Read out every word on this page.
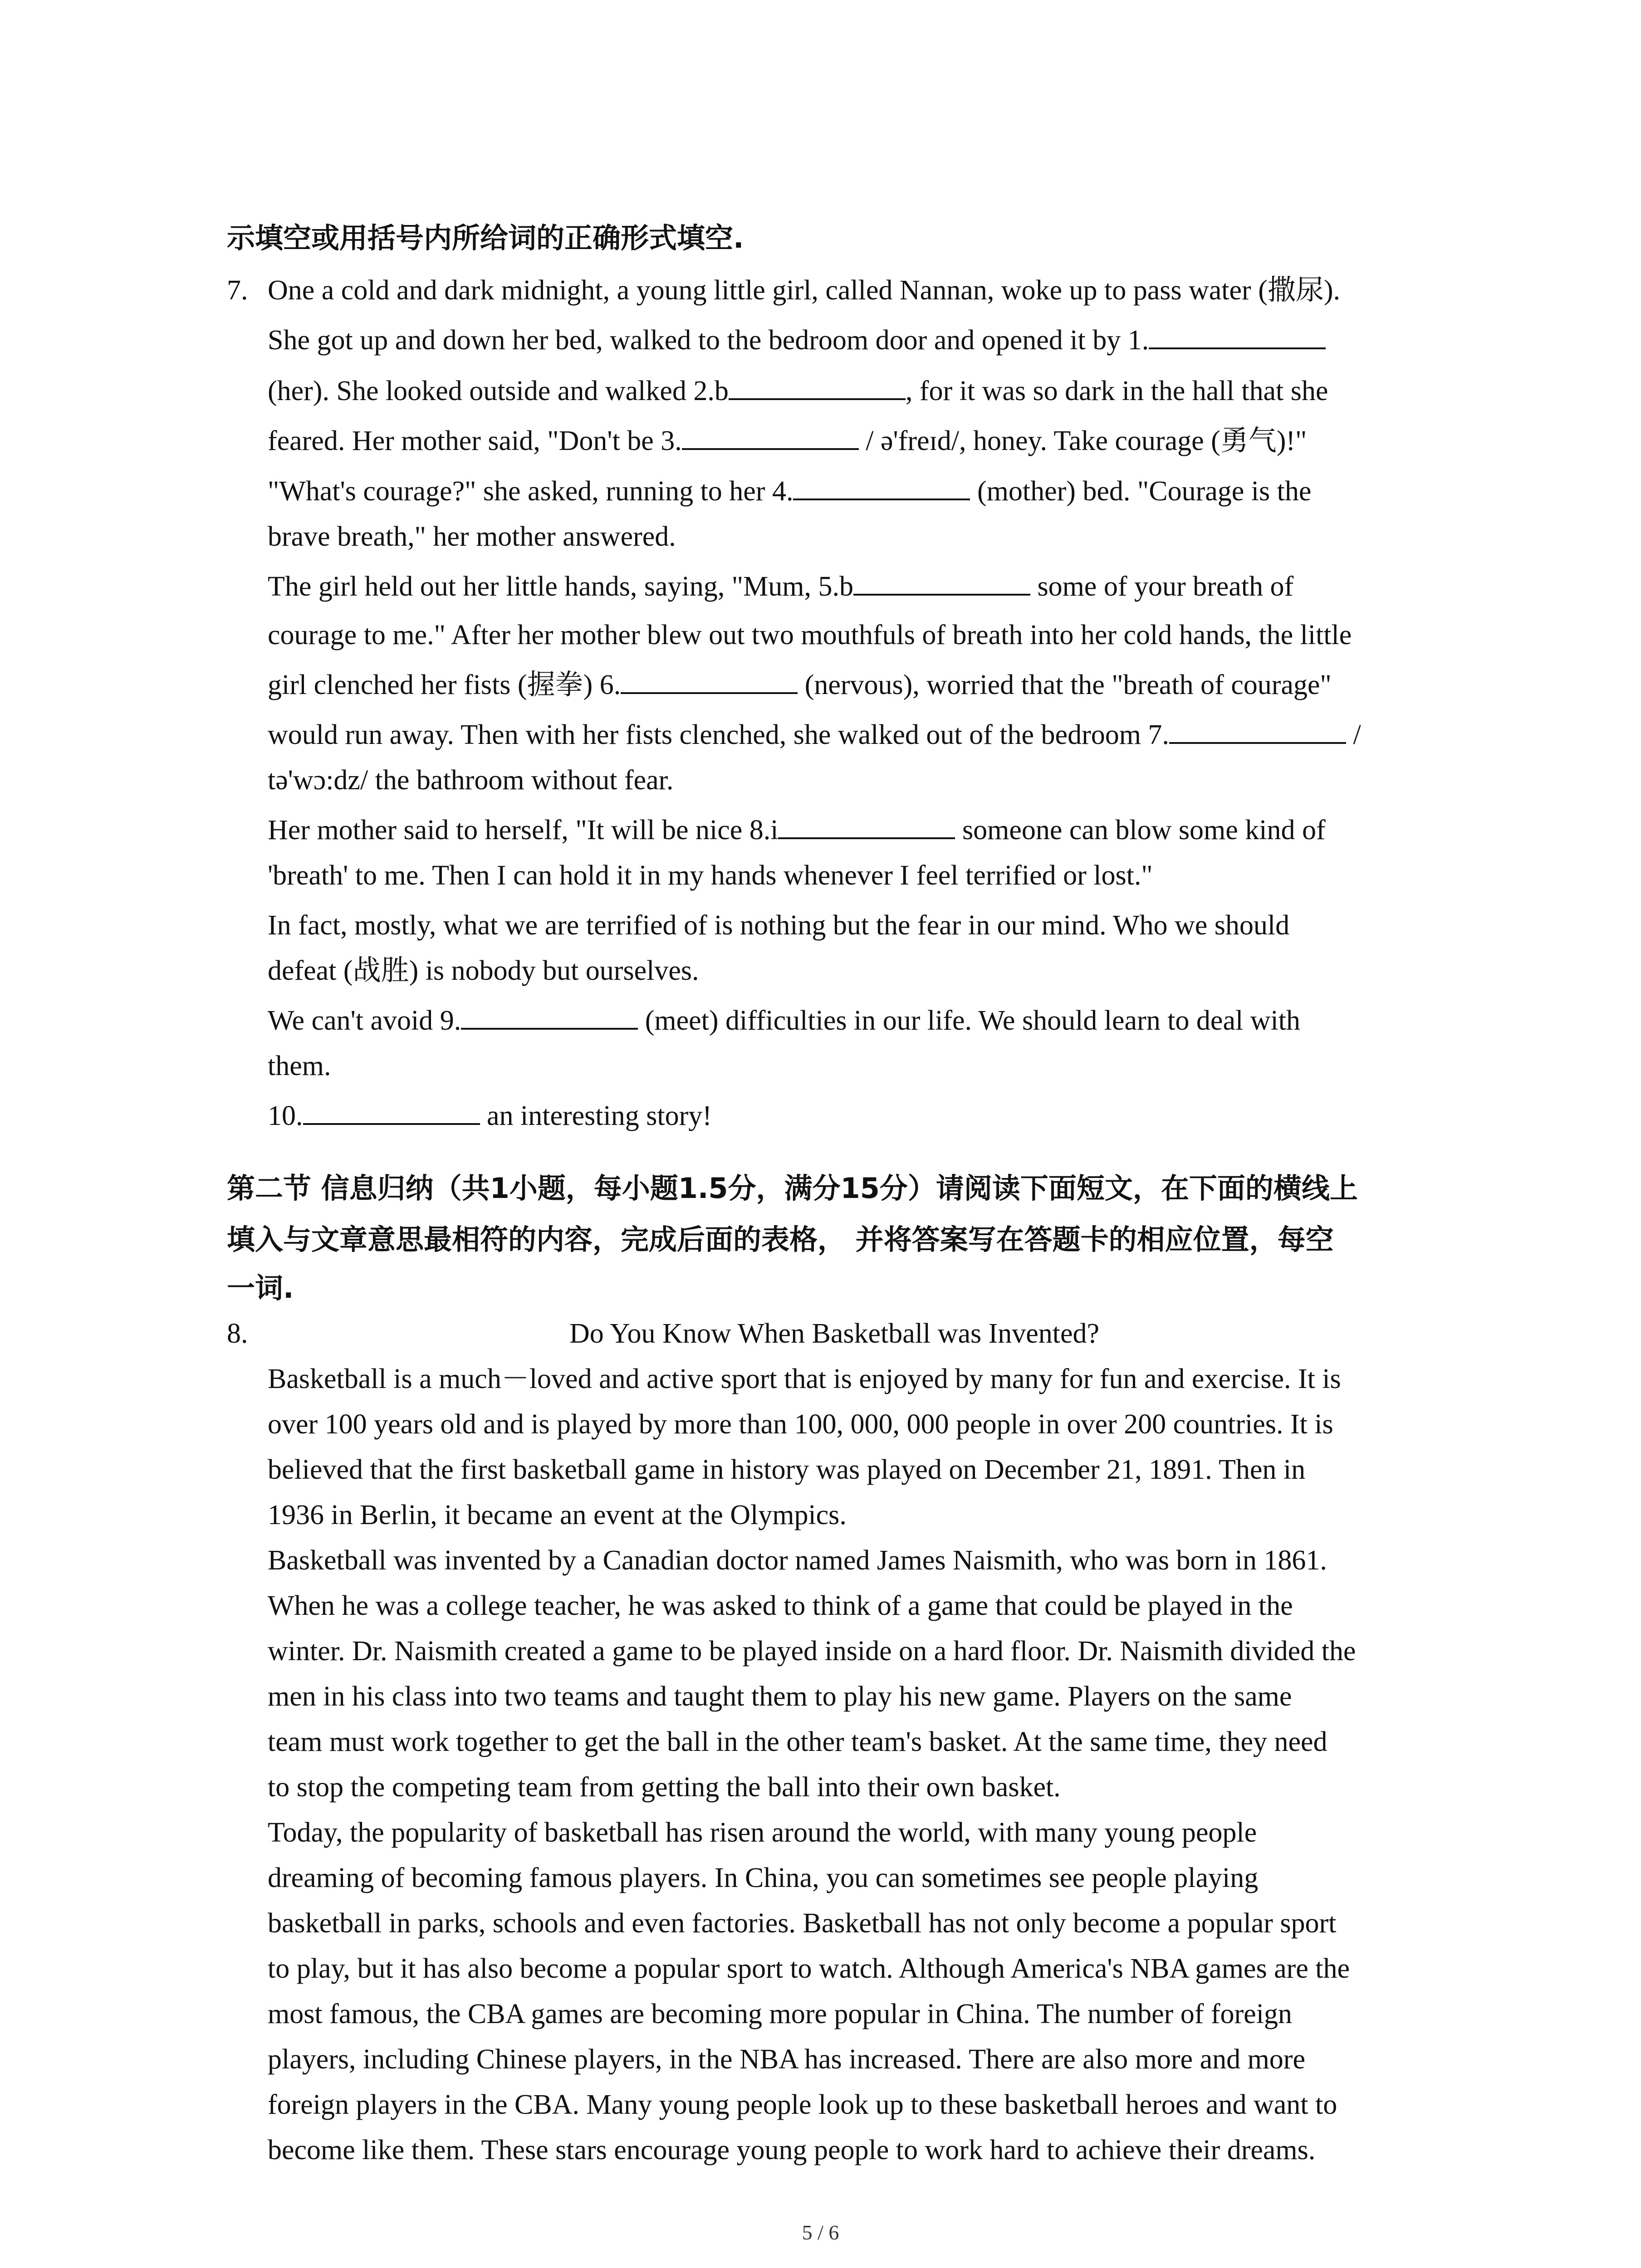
示填空或用括号内所给词的正确形式填空.
7. One a cold and dark midnight, a young little girl, called Nannan, woke up to pass water (撒尿).
She got up and down her bed, walked to the bedroom door and opened it by 1.
(her). She looked outside and walked 2.b	, for it was so dark in the hall that she
feared. Her mother said, "Don't be 3.	/ ə'freɪd/, honey. Take courage (勇气)!"
"What's courage?" she asked, running to her 4.	(mother) bed. "Courage is the
brave breath," her mother answered.
The girl held out her little hands, saying, "Mum, 5.b	some of your breath of
courage to me." After her mother blew out two mouthfuls of breath into her cold hands, the little
girl clenched her fists (握拳) 6.	(nervous), worried that the "breath of courage"
would run away. Then with her fists clenched, she walked out of the bedroom 7.	/
tə'wɔ:dz/ the bathroom without fear.
Her mother said to herself, "It will be nice 8.i	someone can blow some kind of
'breath' to me. Then I can hold it in my hands whenever I feel terrified or lost."
In fact, mostly, what we are terrified of is nothing but the fear in our mind. Who we should
defeat (战胜) is nobody but ourselves.
We can't avoid 9.	(meet) difficulties in our life. We should learn to deal with
them.
10.	an interesting story!
第二节 信息归纳（共1小题，每小题1.5分，满分15分）请阅读下面短文，在下面的横线上
填入与文章意思最相符的内容，完成后面的表格， 并将答案写在答题卡的相应位置，每空
一词.
8.	Do You Know When Basketball was Invented?
Basketball is a much－loved and active sport that is enjoyed by many for fun and exercise. It is
over 100 years old and is played by more than 100, 000, 000 people in over 200 countries. It is
believed that the first basketball game in history was played on December 21, 1891. Then in
1936 in Berlin, it became an event at the Olympics.
Basketball was invented by a Canadian doctor named James Naismith, who was born in 1861.
When he was a college teacher, he was asked to think of a game that could be played in the
winter. Dr. Naismith created a game to be played inside on a hard floor. Dr. Naismith divided the
men in his class into two teams and taught them to play his new game. Players on the same
team must work together to get the ball in the other team's basket. At the same time, they need
to stop the competing team from getting the ball into their own basket.
Today, the popularity of basketball has risen around the world, with many young people
dreaming of becoming famous players. In China, you can sometimes see people playing
basketball in parks, schools and even factories. Basketball has not only become a popular sport
to play, but it has also become a popular sport to watch. Although America's NBA games are the
most famous, the CBA games are becoming more popular in China. The number of foreign
players, including Chinese players, in the NBA has increased. There are also more and more
foreign players in the CBA. Many young people look up to these basketball heroes and want to
become like them. These stars encourage young people to work hard to achieve their dreams.
5 / 6
